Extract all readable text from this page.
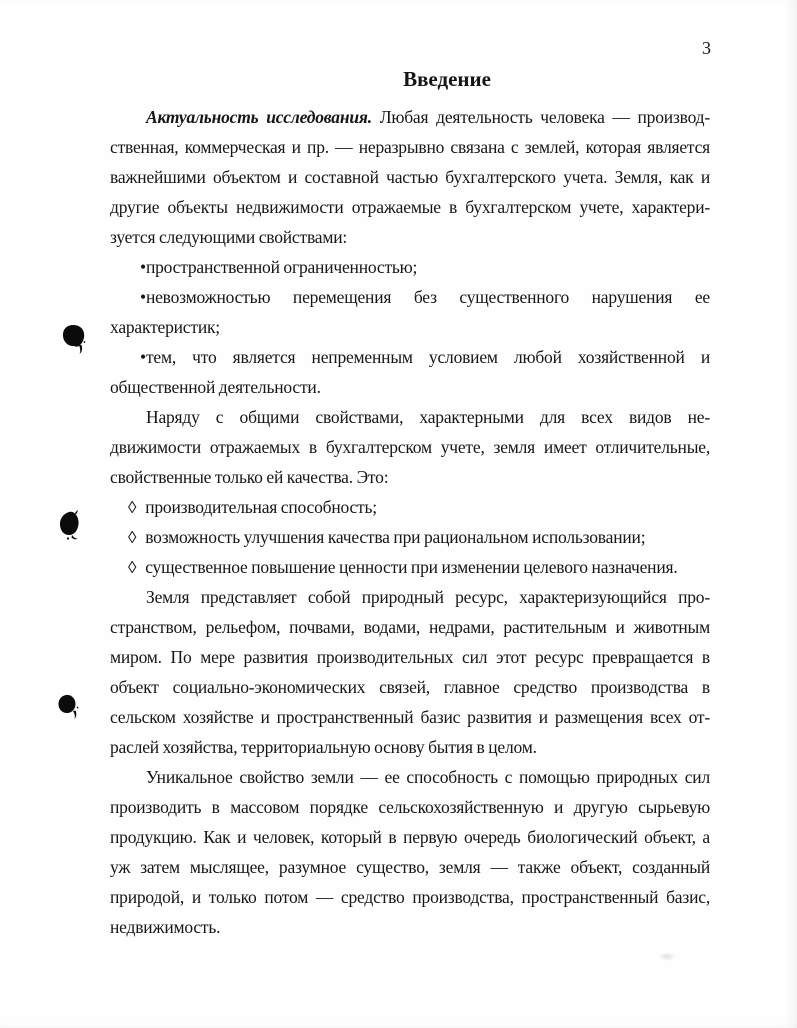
3
Введение
Актуальность исследования. Любая деятельность человека — производ-
ственная, коммерческая и пр. — неразрывно связана с землей, которая является
важнейшими объектом и составной частью бухгалтерского учета. Земля, как и
другие объекты недвижимости отражаемые в бухгалтерском учете, характери-
зуется следующими свойствами:
•пространственной ограниченностью;
•невозможностью перемещения без существенного нарушения ее
характеристик;
•тем, что является непременным условием любой хозяйственной и
общественной деятельности.
Наряду с общими свойствами, характерными для всех видов не-
движимости отражаемых в бухгалтерском учете, земля имеет отличительные,
свойственные только ей качества. Это:
◊ производительная способность;
◊ возможность улучшения качества при рациональном использовании;
◊ существенное повышение ценности при изменении целевого назначения.
Земля представляет собой природный ресурс, характеризующийся про-
странством, рельефом, почвами, водами, недрами, растительным и животным
миром. По мере развития производительных сил этот ресурс превращается в
объект социально-экономических связей, главное средство производства в
сельском хозяйстве и пространственный базис развития и размещения всех от-
раслей хозяйства, территориальную основу бытия в целом.
Уникальное свойство земли — ее способность с помощью природных сил
производить в массовом порядке сельскохозяйственную и другую сырьевую
продукцию. Как и человек, который в первую очередь биологический объект, а
уж затем мыслящее, разумное существо, земля — также объект, созданный
природой, и только потом — средство производства, пространственный базис,
недвижимость.
